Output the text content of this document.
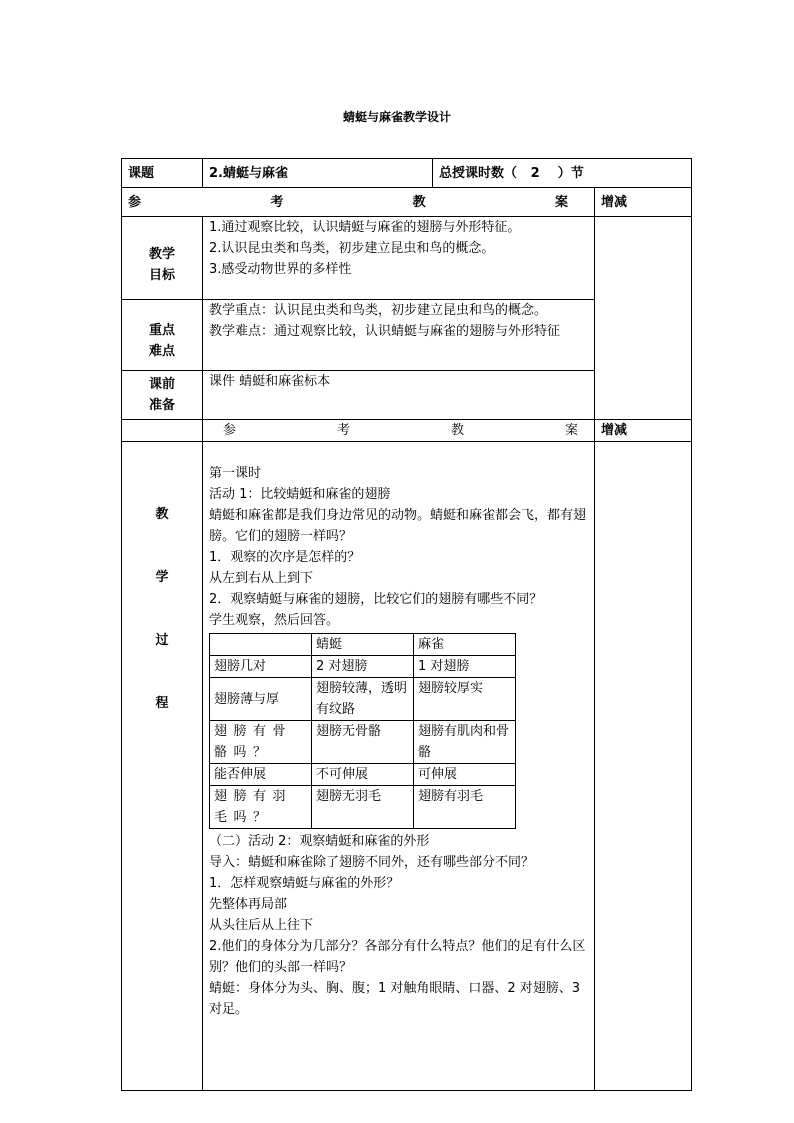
蜻蜓与麻雀教学设计
课题	2.蜻蜓与麻雀	总授课时数（ 2 ）节

参	考	教	案	增减

教学
目标

1.通过观察比较，认识蜻蜓与麻雀的翅膀与外形特征。
2.认识昆虫类和鸟类，初步建立昆虫和鸟的概念。
3.感受动物世界的多样性

重点
难点

教学重点：认识昆虫类和鸟类，初步建立昆虫和鸟的概念。
教学难点：通过观察比较，认识蜻蜓与麻雀的翅膀与外形特征

课前
准备
	课件 蜻蜓和麻雀标本

参	考	教	案	增减

教
学
过
程

第一课时

活动 1：比较蜻蜓和麻雀的翅膀

蜻蜓和麻雀都是我们身边常见的动物。蜻蜓和麻雀都会飞，都有翅膀。它们的翅膀一样吗？

1．观察的次序是怎样的？

从左到右从上到下

2．观察蜻蜓与麻雀的翅膀，比较它们的翅膀有哪些不同？

学生观察，然后回答。

	蜻蜓	麻雀
翅膀几对	2 对翅膀	1 对翅膀
翅膀薄与厚	翅膀较薄，透明有纹路	翅膀较厚实
翅膀有骨骼吗？	翅膀无骨骼	翅膀有肌肉和骨骼
能否伸展	不可伸展	可伸展
翅膀有羽毛吗？	翅膀无羽毛	翅膀有羽毛

（二）活动 2：观察蜻蜓和麻雀的外形

导入：蜻蜓和麻雀除了翅膀不同外，还有哪些部分不同？

1．怎样观察蜻蜓与麻雀的外形？

先整体再局部

从头往后从上往下

2.他们的身体分为几部分？各部分有什么特点？他们的足有什么区别？他们的头部一样吗？

蜻蜓：身体分为头、胸、腹；1 对触角眼睛、口器、2 对翅膀、3 对足。
